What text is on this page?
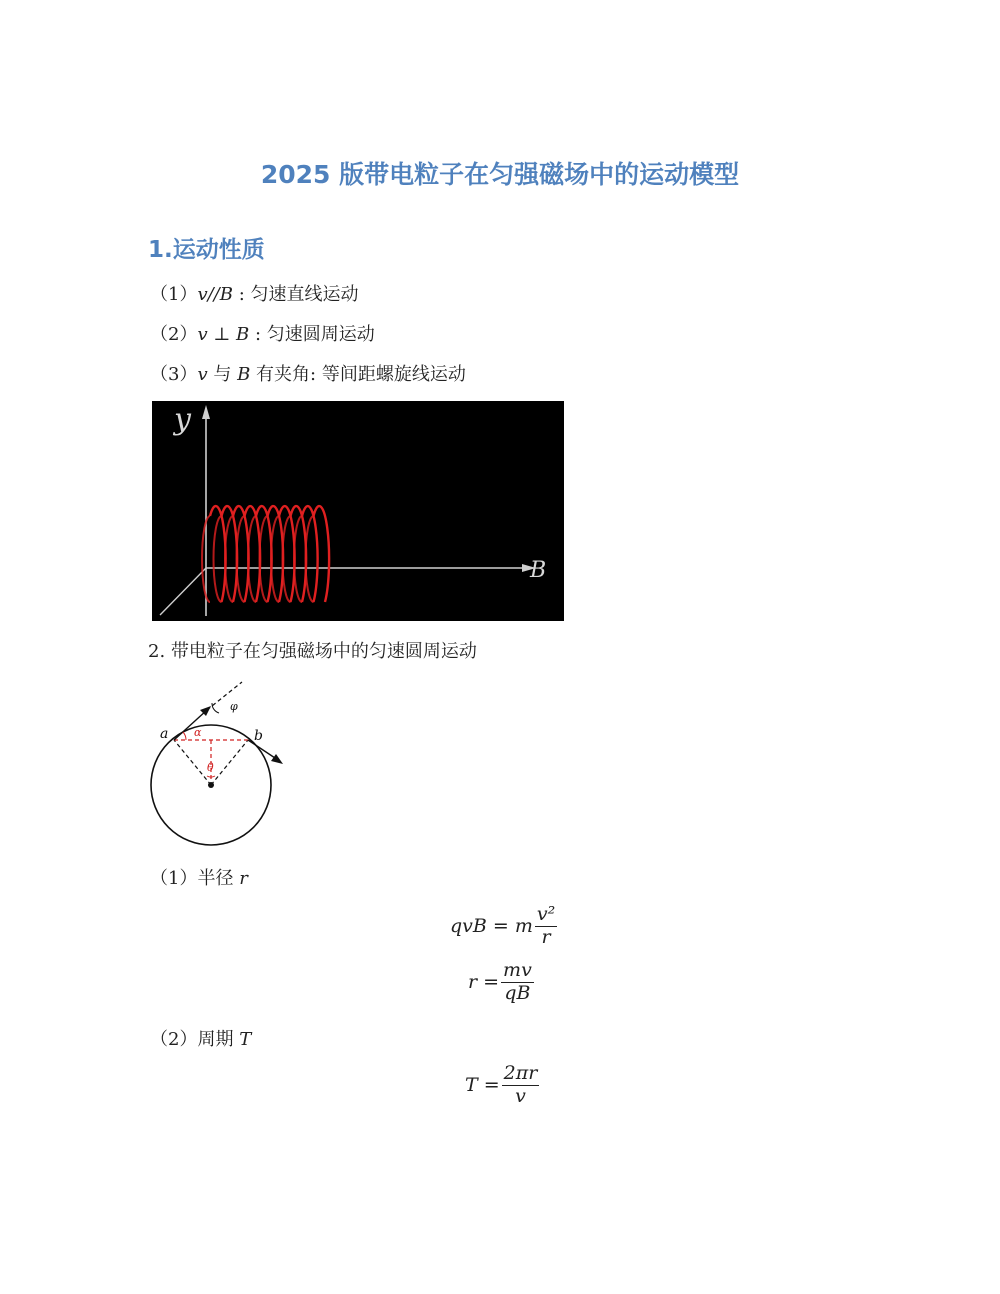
2025 版带电粒子在匀强磁场中的运动模型
1.运动性质
（1）v//B : 匀速直线运动
（2）v ⊥ B : 匀速圆周运动
（3）v 与 B 有夹角: 等间距螺旋线运动
y
B
2. 带电粒子在匀强磁场中的匀速圆周运动
a	b
α
θ
φ
（1）半径 r
qvB = m $\frac{\text{v²}}{r}$
$r = \frac{mv}{qB}$
（2）周期 T
$T = \frac{2\pi r}{v}$
